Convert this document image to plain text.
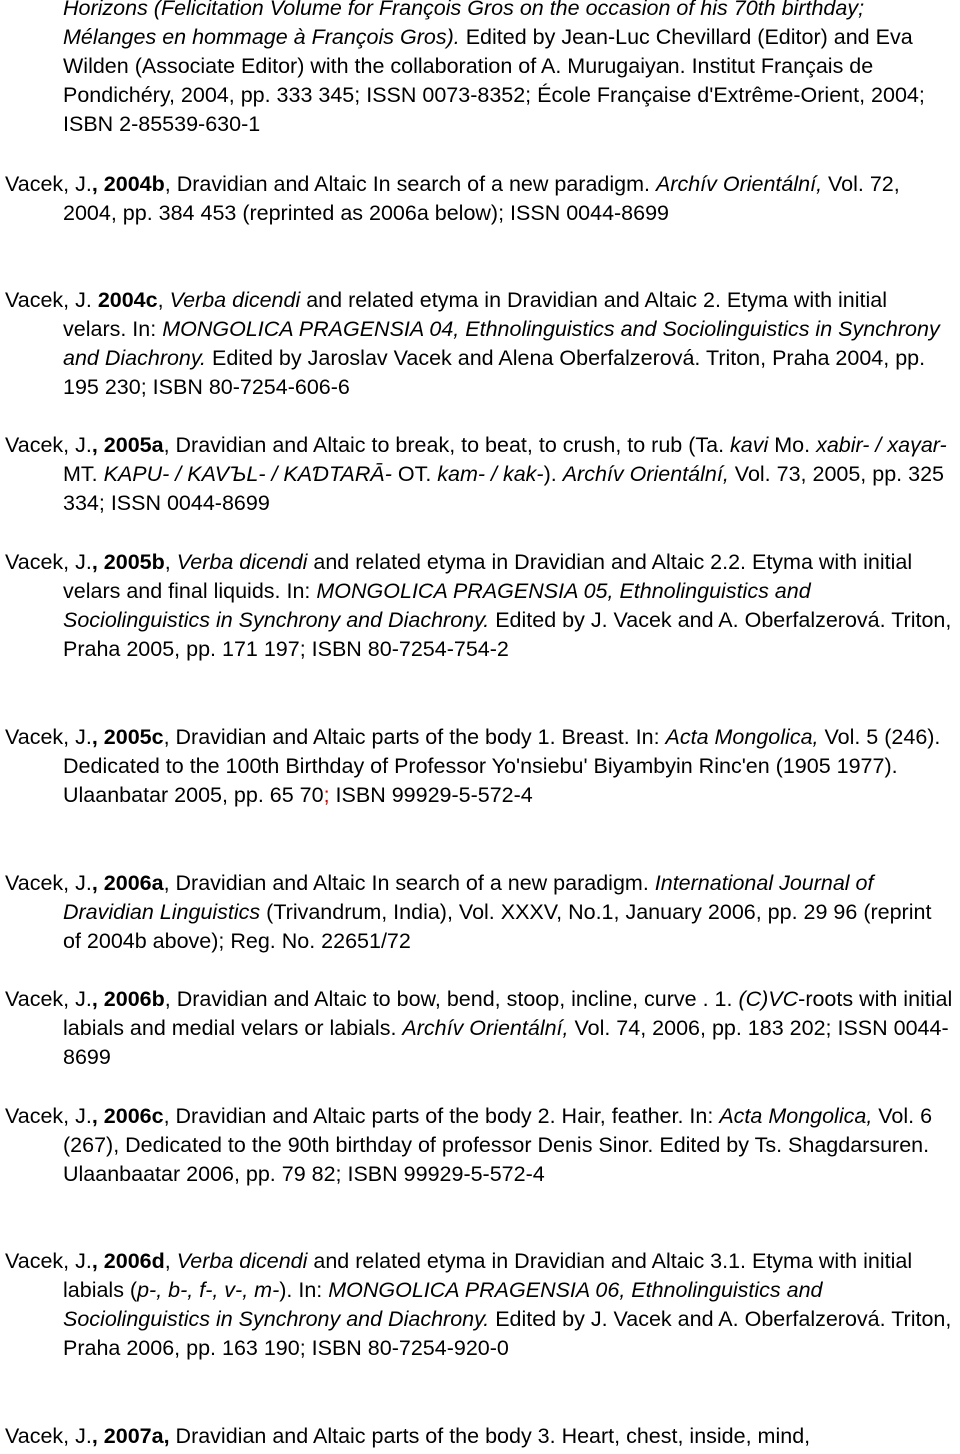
Horizons (Felicitation Volume for François Gros on the occasion of his 70th birthday; Mélanges en hommage à François Gros). Edited by Jean-Luc Chevillard (Editor) and Eva Wilden (Associate Editor) with the collaboration of A. Murugaiyan. Institut Français de Pondichéry, 2004, pp. 333 345; ISSN 0073-8352; École Française d'Extrême-Orient, 2004; ISBN 2-85539-630-1
Vacek, J., 2004b, Dravidian and Altaic In search of a new paradigm. Archív Orientální, Vol. 72, 2004, pp. 384 453 (reprinted as 2006a below); ISSN 0044-8699
Vacek, J. 2004c, Verba dicendi and related etyma in Dravidian and Altaic 2. Etyma with initial velars. In: MONGOLICA PRAGENSIA 04, Ethnolinguistics and Sociolinguistics in Synchrony and Diachrony. Edited by Jaroslav Vacek and Alena Oberfalzerová. Triton, Praha 2004, pp. 195 230; ISBN 80-7254-606-6
Vacek, J., 2005a, Dravidian and Altaic to break, to beat, to crush, to rub (Ta. kavi Mo. xabir- / xaγar- MT. KAPU- / KAVЪL- / KAƊTARĀ- OT. kam- / kak-). Archív Orientální, Vol. 73, 2005, pp. 325 334; ISSN 0044-8699
Vacek, J., 2005b, Verba dicendi and related etyma in Dravidian and Altaic 2.2. Etyma with initial velars and final liquids. In: MONGOLICA PRAGENSIA 05, Ethnolinguistics and Sociolinguistics in Synchrony and Diachrony. Edited by J. Vacek and A. Oberfalzerová. Triton, Praha 2005, pp. 171 197; ISBN 80-7254-754-2
Vacek, J., 2005c, Dravidian and Altaic parts of the body 1. Breast. In: Acta Mongolica, Vol. 5 (246). Dedicated to the 100th Birthday of Professor Yo'nsiebu' Biyambyin Rinc'en (1905 1977). Ulaanbatar 2005, pp. 65 70; ISBN 99929-5-572-4
Vacek, J., 2006a, Dravidian and Altaic In search of a new paradigm. International Journal of Dravidian Linguistics (Trivandrum, India), Vol. XXXV, No.1, January 2006, pp. 29 96 (reprint of 2004b above); Reg. No. 22651/72
Vacek, J., 2006b, Dravidian and Altaic to bow, bend, stoop, incline, curve . 1. (C)VC-roots with initial labials and medial velars or labials. Archív Orientální, Vol. 74, 2006, pp. 183 202; ISSN 0044-8699
Vacek, J., 2006c, Dravidian and Altaic parts of the body 2. Hair, feather. In: Acta Mongolica, Vol. 6 (267), Dedicated to the 90th birthday of professor Denis Sinor. Edited by Ts. Shagdarsuren. Ulaanbaatar 2006, pp. 79 82; ISBN 99929-5-572-4
Vacek, J., 2006d, Verba dicendi and related etyma in Dravidian and Altaic 3.1. Etyma with initial labials (p-, b-, f-, v-, m-). In: MONGOLICA PRAGENSIA 06, Ethnolinguistics and Sociolinguistics in Synchrony and Diachrony. Edited by J. Vacek and A. Oberfalzerová. Triton, Praha 2006, pp. 163 190; ISBN 80-7254-920-0
Vacek, J., 2007a, Dravidian and Altaic parts of the body 3. Heart, chest, inside, mind,
